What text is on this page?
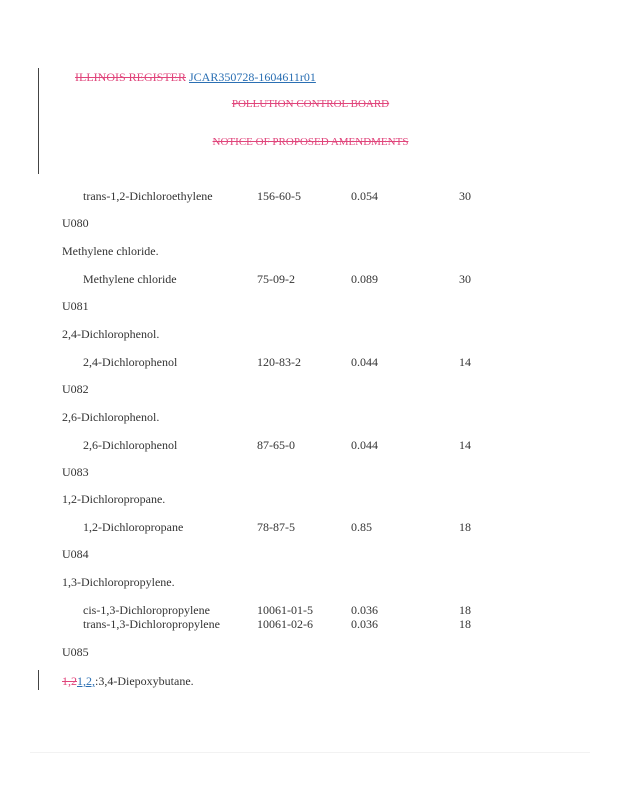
ILLINOIS REGISTER JCAR350728-1604611r01
POLLUTION CONTROL BOARD
NOTICE OF PROPOSED AMENDMENTS
trans-1,2-Dichloroethylene	156-60-5	0.054	30
U080
Methylene chloride.
Methylene chloride	75-09-2	0.089	30
U081
2,4-Dichlorophenol.
2,4-Dichlorophenol	120-83-2	0.044	14
U082
2,6-Dichlorophenol.
2,6-Dichlorophenol	87-65-0	0.044	14
U083
1,2-Dichloropropane.
1,2-Dichloropropane	78-87-5	0.85	18
U084
1,3-Dichloropropylene.
cis-1,3-Dichloropropylene	10061-01-5	0.036	18
trans-1,3-Dichloropropylene	10061-02-6	0.036	18
U085
1,21,2,:3,4-Diepoxybutane.
